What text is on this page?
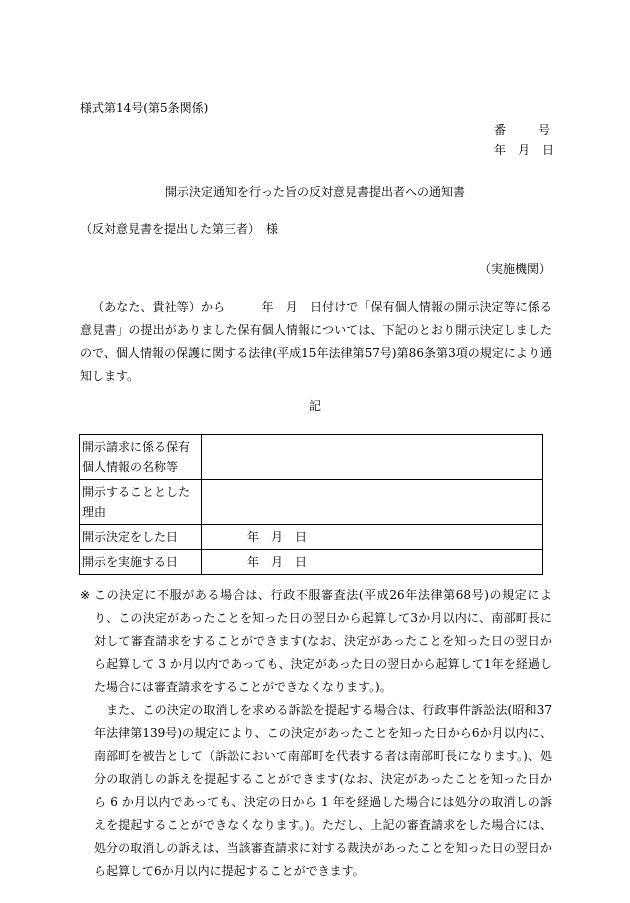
様式第14号(第5条関係)
番　　号
年　月　日
開示決定通知を行った旨の反対意見書提出者への通知書
（反対意見書を提出した第三者）　様
（実施機関）

（あなた、貴社等）から　　　年　月　日付けで「保有個人情報の開示決定等に係る意見書」の提出がありました保有個人情報については、下記のとおり開示決定しましたので、個人情報の保護に関する法律(平成15年法律第57号)第86条第3項の規定により通知します。

記
開示請求に係る保有個人情報の名称等	
開示することとした理由	
開示決定をした日	年　月　日
開示を実施する日	年　月　日
※ この決定に不服がある場合は、行政不服審査法(平成26年法律第68号)の規定により、この決定があったことを知った日の翌日から起算して3か月以内に、南部町長に対して審査請求をすることができます(なお、決定があったことを知った日の翌日から起算して 3 か月以内であっても、決定があった日の翌日から起算して1年を経過した場合には審査請求をすることができなくなります。)。

また、この決定の取消しを求める訴訟を提起する場合は、行政事件訴訟法(昭和37年法律第139号)の規定により、この決定があったことを知った日から6か月以内に、南部町を被告として（訴訟において南部町を代表する者は南部町長になります。)、処分の取消しの訴えを提起することができます(なお、決定があったことを知った日から 6 か月以内であっても、決定の日から 1 年を経過した場合には処分の取消しの訴えを提起することができなくなります。)。ただし、上記の審査請求をした場合には、処分の取消しの訴えは、当該審査請求に対する裁決があったことを知った日の翌日から起算して6か月以内に提起することができます。
